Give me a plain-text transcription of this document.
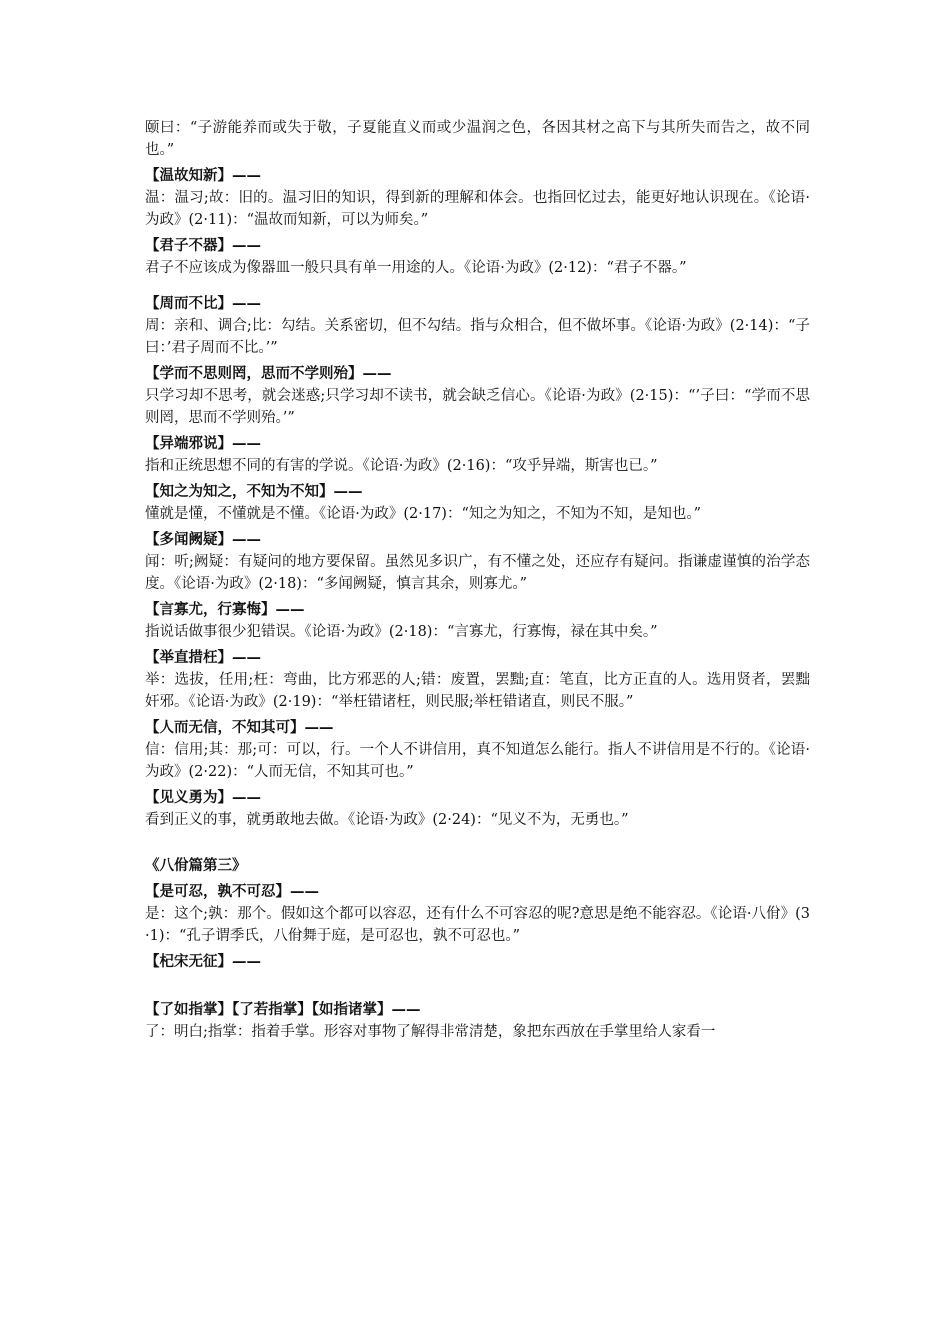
颐曰：“子游能养而或失于敬，子夏能直义而或少温润之色，各因其材之高下与其所失而告之，故不同也。”

【温故知新】——

温：温习;故：旧的。温习旧的知识，得到新的理解和体会。也指回忆过去，能更好地认识现在。《论语·为政》(2·11)：“温故而知新，可以为师矣。”

【君子不器】——

君子不应该成为像器皿一般只具有单一用途的人。《论语·为政》(2·12)：“君子不器。”

【周而不比】——

周：亲和、调合;比：勾结。关系密切，但不勾结。指与众相合，但不做坏事。《论语·为政》(2·14)：“子曰：’君子周而不比。’”

【学而不思则罔，思而不学则殆】——

只学习却不思考，就会迷惑;只学习却不读书，就会缺乏信心。《论语·为政》(2·15)：“’子曰：“学而不思则罔，思而不学则殆。’”

【异端邪说】——

指和正统思想不同的有害的学说。《论语·为政》(2·16)：“攻乎异端，斯害也已。”

【知之为知之，不知为不知】——

懂就是懂，不懂就是不懂。《论语·为政》(2·17)：“知之为知之，不知为不知，是知也。”

【多闻阙疑】——

闻：听;阙疑：有疑问的地方要保留。虽然见多识广，有不懂之处，还应存有疑问。指谦虚谨慎的治学态度。《论语·为政》(2·18)：“多闻阙疑，慎言其余，则寡尤。”

【言寡尤，行寡悔】——

指说话做事很少犯错误。《论语·为政》(2·18)：“言寡尤，行寡悔，禄在其中矣。”

【举直措枉】——

举：选拔，任用;枉：弯曲，比方邪恶的人;错：废置，罢黜;直：笔直，比方正直的人。选用贤者，罢黜奸邪。《论语·为政》(2·19)：“举枉错诸枉，则民服;举枉错诸直，则民不服。”

【人而无信，不知其可】——

信：信用;其：那;可：可以，行。一个人不讲信用，真不知道怎么能行。指人不讲信用是不行的。《论语·为政》(2·22)：“人而无信，不知其可也。”

【见义勇为】——

看到正义的事，就勇敢地去做。《论语·为政》(2·24)：“见义不为，无勇也。”

《八佾篇第三》

【是可忍，孰不可忍】——

是：这个;孰：那个。假如这个都可以容忍，还有什么不可容忍的呢?意思是绝不能容忍。《论语·八佾》(3·1)：“孔子谓季氏，八佾舞于庭，是可忍也，孰不可忍也。”

【杞宋无征】——

【了如指掌】【了若指掌】【如指诸掌】——

了：明白;指掌：指着手掌。形容对事物了解得非常清楚，象把东西放在手掌里给人家看一
